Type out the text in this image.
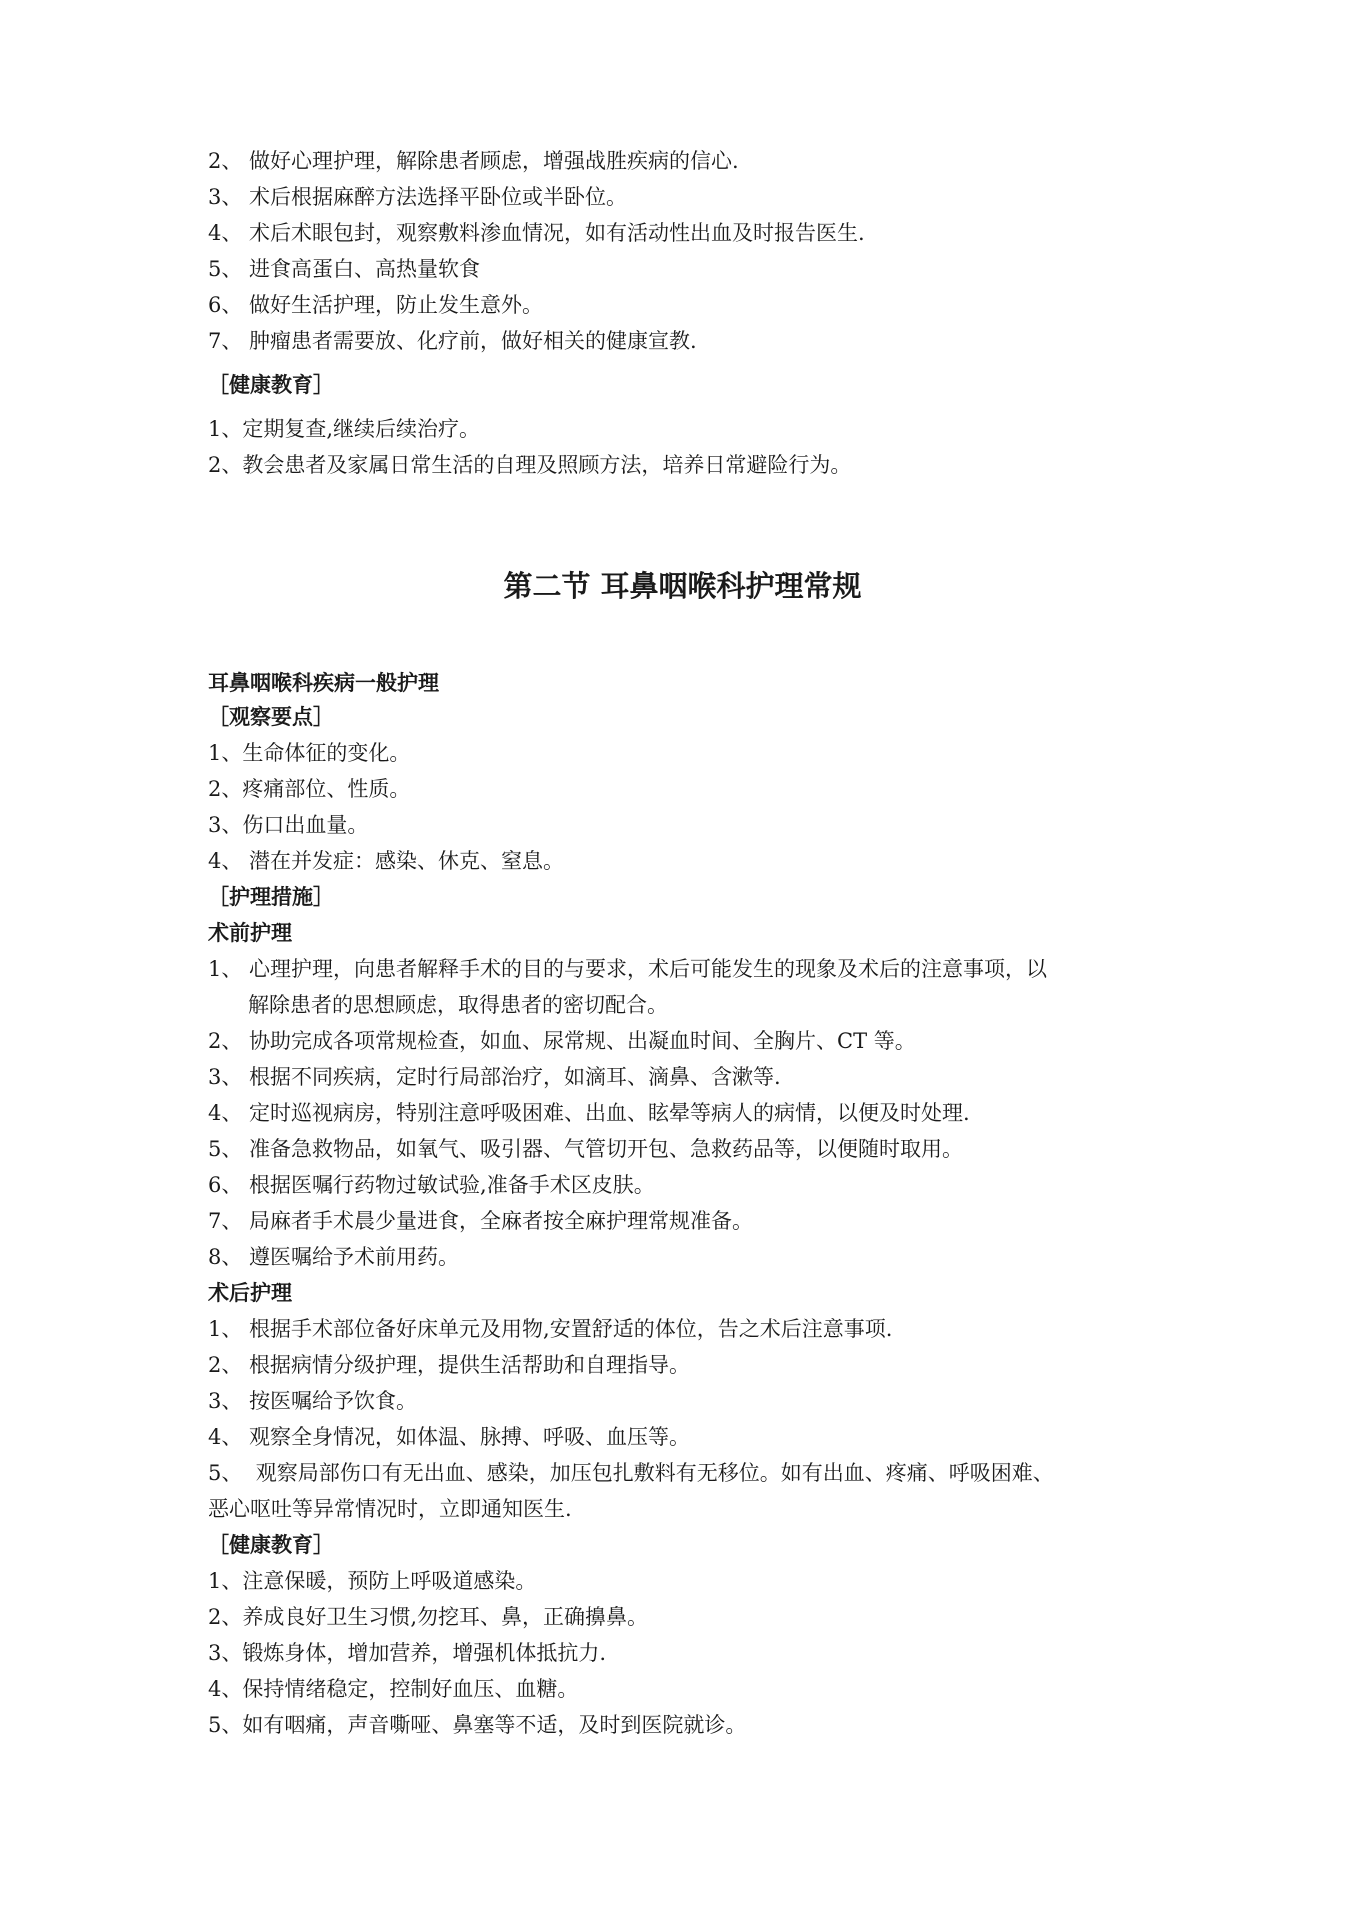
2、 做好心理护理，解除患者顾虑，增强战胜疾病的信心.
3、 术后根据麻醉方法选择平卧位或半卧位。
4、 术后术眼包封，观察敷料渗血情况，如有活动性出血及时报告医生.
5、 进食高蛋白、高热量软食
6、 做好生活护理，防止发生意外。
7、 肿瘤患者需要放、化疗前，做好相关的健康宣教.
［健康教育］
1、定期复查,继续后续治疗。
2、教会患者及家属日常生活的自理及照顾方法，培养日常避险行为。
第二节 耳鼻咽喉科护理常规
耳鼻咽喉科疾病一般护理
［观察要点］
1、生命体征的变化。
2、疼痛部位、性质。
3、伤口出血量。
4、 潜在并发症：感染、休克、窒息。
［护理措施］
术前护理
1、 心理护理，向患者解释手术的目的与要求，术后可能发生的现象及术后的注意事项，以
解除患者的思想顾虑，取得患者的密切配合。
2、 协助完成各项常规检查，如血、尿常规、出凝血时间、全胸片、CT 等。
3、 根据不同疾病，定时行局部治疗，如滴耳、滴鼻、含漱等.
4、 定时巡视病房，特别注意呼吸困难、出血、眩晕等病人的病情，以便及时处理.
5、 准备急救物品，如氧气、吸引器、气管切开包、急救药品等，以便随时取用。
6、 根据医嘱行药物过敏试验,准备手术区皮肤。
7、 局麻者手术晨少量进食，全麻者按全麻护理常规准备。
8、 遵医嘱给予术前用药。
术后护理
1、 根据手术部位备好床单元及用物,安置舒适的体位，告之术后注意事项.
2、 根据病情分级护理，提供生活帮助和自理指导。
3、 按医嘱给予饮食。
4、 观察全身情况，如体温、脉搏、呼吸、血压等。
5、  观察局部伤口有无出血、感染，加压包扎敷料有无移位。如有出血、疼痛、呼吸困难、
恶心呕吐等异常情况时，立即通知医生.
［健康教育］
1、注意保暖，预防上呼吸道感染。
2、养成良好卫生习惯,勿挖耳、鼻，正确擤鼻。
3、锻炼身体，增加营养，增强机体抵抗力.
4、保持情绪稳定，控制好血压、血糖。
5、如有咽痛，声音嘶哑、鼻塞等不适，及时到医院就诊。
